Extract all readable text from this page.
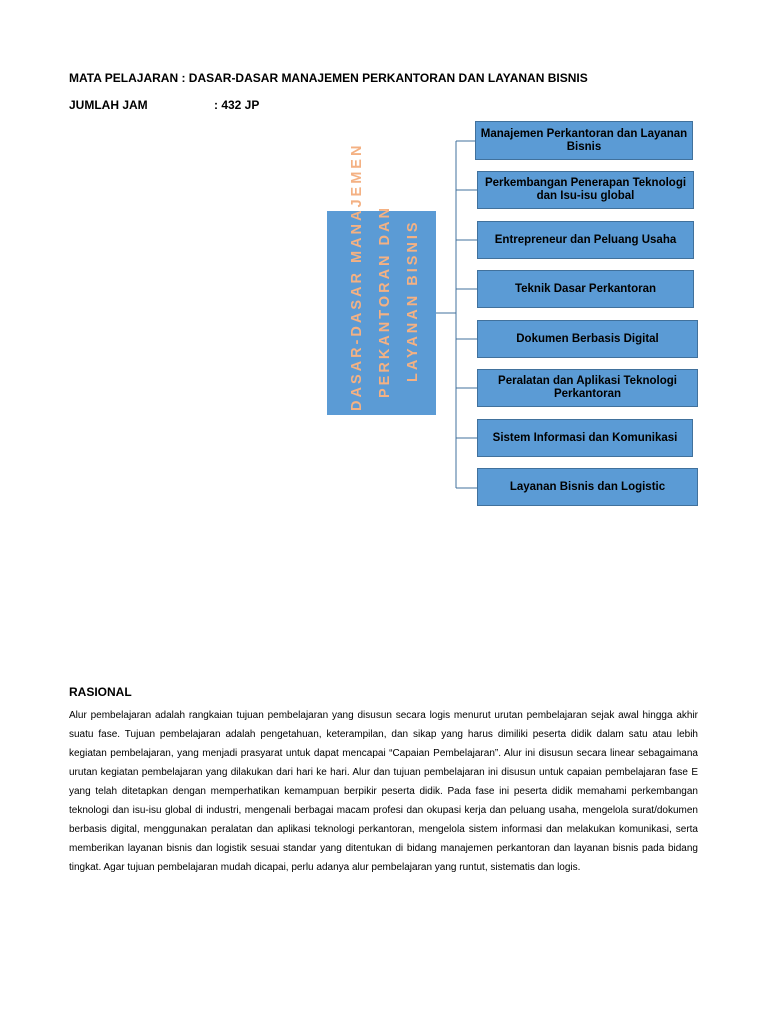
MATA PELAJARAN : DASAR-DASAR MANAJEMEN PERKANTORAN DAN LAYANAN BISNIS
JUMLAH JAM	: 432 JP
DASAR-DASAR MANAJEMEN PERKANTORAN DAN LAYANAN BISNIS
Manajemen Perkantoran dan Layanan Bisnis
Perkembangan Penerapan Teknologi dan Isu-isu global
Entrepreneur dan Peluang Usaha
Teknik Dasar Perkantoran
Dokumen Berbasis Digital
Peralatan dan Aplikasi Teknologi Perkantoran
Sistem Informasi dan Komunikasi
Layanan Bisnis dan Logistic
RASIONAL
Alur pembelajaran adalah rangkaian tujuan pembelajaran yang disusun secara logis menurut urutan pembelajaran sejak awal hingga akhir suatu fase. Tujuan pembelajaran adalah pengetahuan, keterampilan, dan sikap yang harus dimiliki peserta didik dalam satu atau lebih kegiatan pembelajaran, yang menjadi prasyarat untuk dapat mencapai “Capaian Pembelajaran”. Alur ini disusun secara linear sebagaimana urutan kegiatan pembelajaran yang dilakukan dari hari ke hari. Alur dan tujuan pembelajaran ini disusun untuk capaian pembelajaran fase E yang telah ditetapkan dengan memperhatikan kemampuan berpikir peserta didik. Pada fase ini peserta didik memahami perkembangan teknologi dan isu-isu global di industri, mengenali berbagai macam profesi dan okupasi kerja dan peluang usaha, mengelola surat/dokumen berbasis digital, menggunakan peralatan dan aplikasi teknologi perkantoran, mengelola sistem informasi dan melakukan komunikasi, serta memberikan layanan bisnis dan logistik sesuai standar yang ditentukan di bidang manajemen perkantoran dan layanan bisnis pada bidang tingkat. Agar tujuan pembelajaran mudah dicapai, perlu adanya alur pembelajaran yang runtut, sistematis dan logis.
